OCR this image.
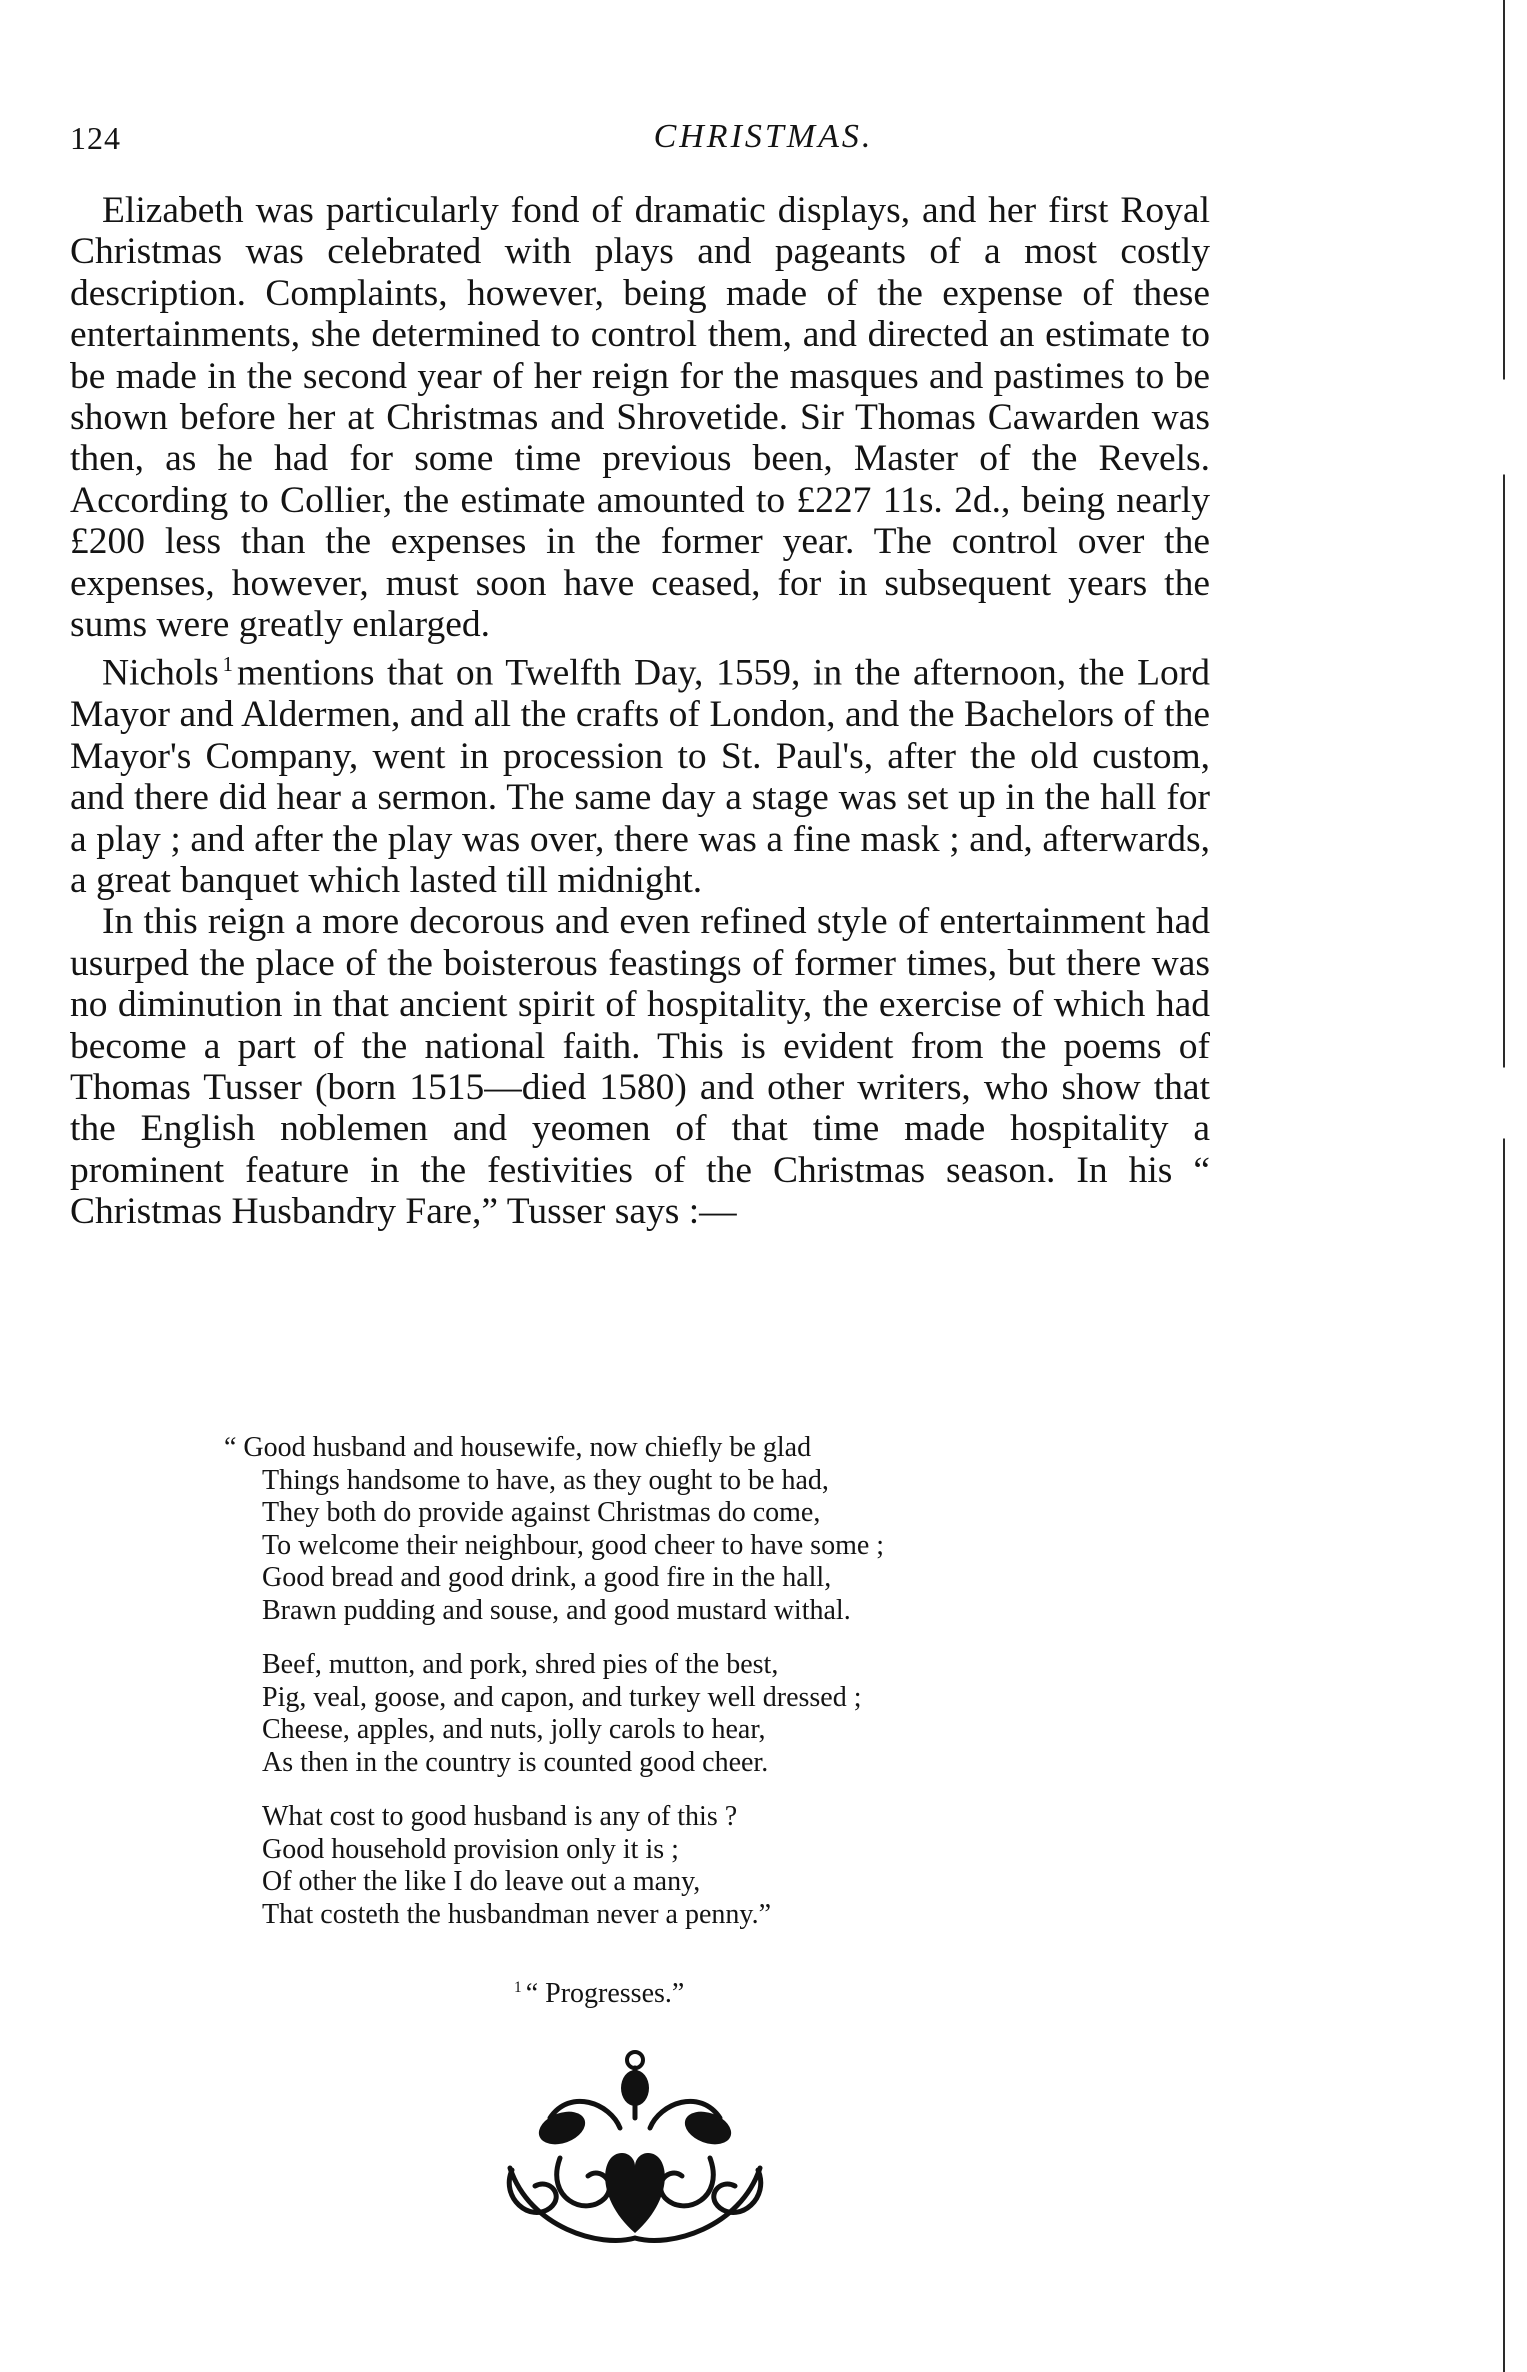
124	CHRISTMAS.

Elizabeth was particularly fond of dramatic displays, and her first Royal Christmas was celebrated with plays and pageants of a most costly description. Complaints, however, being made of the expense of these entertainments, she determined to control them, and directed an estimate to be made in the second year of her reign for the masques and pastimes to be shown before her at Christmas and Shrovetide. Sir Thomas Cawarden was then, as he had for some time previous been, Master of the Revels. According to Collier, the estimate amounted to £227 11s. 2d., being nearly £200 less than the expenses in the former year. The control over the expenses, however, must soon have ceased, for in subsequent years the sums were greatly enlarged.

Nichols $^1$ mentions that on Twelfth Day, 1559, in the afternoon, the Lord Mayor and Aldermen, and all the crafts of London, and the Bachelors of the Mayor's Company, went in procession to St. Paul's, after the old custom, and there did hear a sermon. The same day a stage was set up in the hall for a play ; and after the play was over, there was a fine mask ; and, afterwards, a great banquet which lasted till midnight.

In this reign a more decorous and even refined style of entertainment had usurped the place of the boisterous feastings of former times, but there was no diminution in that ancient spirit of hospitality, the exercise of which had become a part of the national faith. This is evident from the poems of Thomas Tusser (born 1515—died 1580) and other writers, who show that the English noblemen and yeomen of that time made hospitality a prominent feature in the festivities of the Christmas season. In his “ Christmas Husbandry Fare,” Tusser says :—

“ Good husband and housewife, now chiefly be glad
Things handsome to have, as they ought to be had,
They both do provide against Christmas do come,
To welcome their neighbour, good cheer to have some ;
Good bread and good drink, a good fire in the hall,
Brawn pudding and souse, and good mustard withal.
Beef, mutton, and pork, shred pies of the best,
Pig, veal, goose, and capon, and turkey well dressed ;
Cheese, apples, and nuts, jolly carols to hear,
As then in the country is counted good cheer.
What cost to good husband is any of this ?
Good household provision only it is ;
Of other the like I do leave out a many,
That costeth the husbandman never a penny.”
$^1$ “ Progresses.”
